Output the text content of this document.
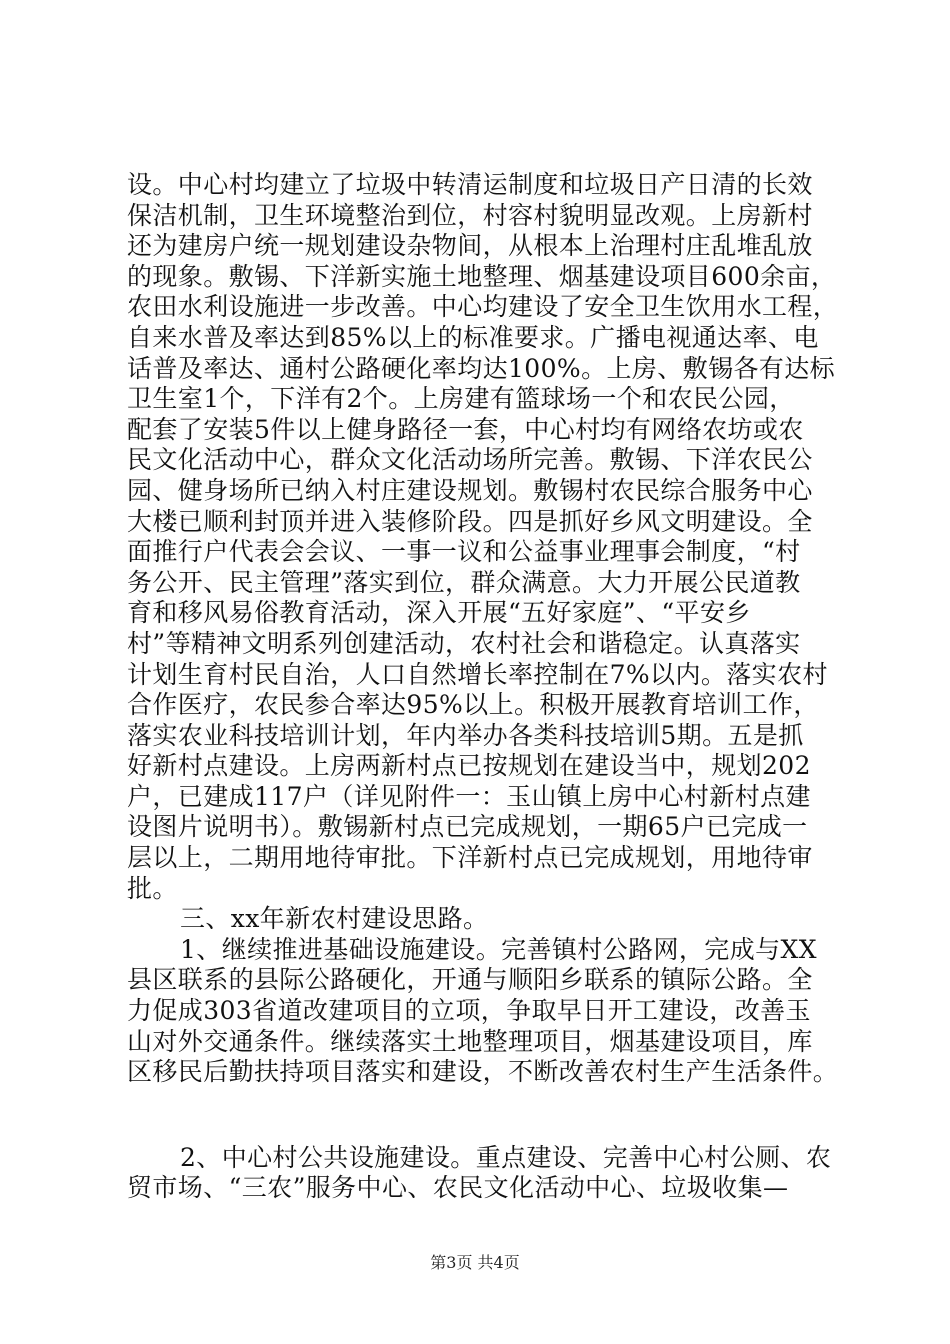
设。中心村均建立了垃圾中转清运制度和垃圾日产日清的长效
保洁机制，卫生环境整治到位，村容村貌明显改观。上房新村
还为建房户统一规划建设杂物间，从根本上治理村庄乱堆乱放
的现象。敷锡、下洋新实施土地整理、烟基建设项目600余亩，
农田水利设施进一步改善。中心均建设了安全卫生饮用水工程，
自来水普及率达到85%以上的标准要求。广播电视通达率、电
话普及率达、通村公路硬化率均达100%。上房、敷锡各有达标
卫生室1个，下洋有2个。上房建有篮球场一个和农民公园，
配套了安装5件以上健身路径一套，中心村均有网络农坊或农
民文化活动中心，群众文化活动场所完善。敷锡、下洋农民公
园、健身场所已纳入村庄建设规划。敷锡村农民综合服务中心
大楼已顺利封顶并进入装修阶段。四是抓好乡风文明建设。全
面推行户代表会会议、一事一议和公益事业理事会制度，“村
务公开、民主管理”落实到位，群众满意。大力开展公民道教
育和移风易俗教育活动，深入开展“五好家庭”、“平安乡
村”等精神文明系列创建活动，农村社会和谐稳定。认真落实
计划生育村民自治，人口自然增长率控制在7%以内。落实农村
合作医疗，农民参合率达95%以上。积极开展教育培训工作，
落实农业科技培训计划，年内举办各类科技培训5期。五是抓
好新村点建设。上房两新村点已按规划在建设当中，规划202
户，已建成117户（详见附件一：玉山镇上房中心村新村点建
设图片说明书）。敷锡新村点已完成规划，一期65户已完成一
层以上，二期用地待审批。下洋新村点已完成规划，用地待审
批。
三、xx年新农村建设思路。
1、继续推进基础设施建设。完善镇村公路网，完成与XX
县区联系的县际公路硬化，开通与顺阳乡联系的镇际公路。全
力促成303省道改建项目的立项，争取早日开工建设，改善玉
山对外交通条件。继续落实土地整理项目，烟基建设项目，库
区移民后勤扶持项目落实和建设，不断改善农村生产生活条件。
2、中心村公共设施建设。重点建设、完善中心村公厕、农
贸市场、“三农”服务中心、农民文化活动中心、垃圾收集—
第3页 共4页
